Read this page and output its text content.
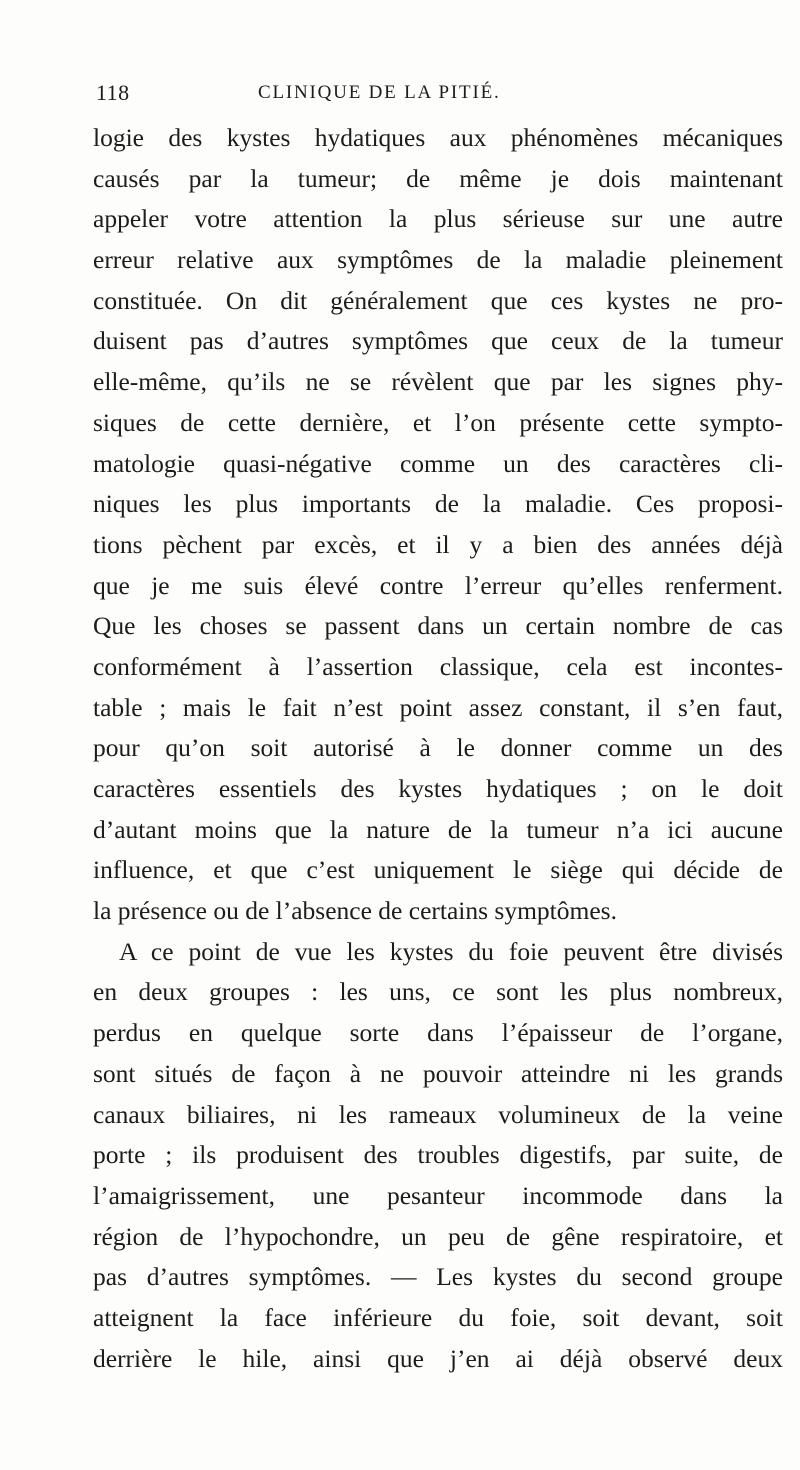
118	CLINIQUE DE LA PITIÉ.
logie des kystes hydatiques aux phénomènes mécaniques
causés par la tumeur; de même je dois maintenant
appeler votre attention la plus sérieuse sur une autre
erreur relative aux symptômes de la maladie pleinement
constituée. On dit généralement que ces kystes ne pro-
duisent pas d’autres symptômes que ceux de la tumeur
elle-même, qu’ils ne se révèlent que par les signes phy-
siques de cette dernière, et l’on présente cette sympto-
matologie quasi-négative comme un des caractères cli-
niques les plus importants de la maladie. Ces proposi-
tions pèchent par excès, et il y a bien des années déjà
que je me suis élevé contre l’erreur qu’elles renferment.
Que les choses se passent dans un certain nombre de cas
conformément à l’assertion classique, cela est incontes-
table ; mais le fait n’est point assez constant, il s’en faut,
pour qu’on soit autorisé à le donner comme un des
caractères essentiels des kystes hydatiques ; on le doit
d’autant moins que la nature de la tumeur n’a ici aucune
influence, et que c’est uniquement le siège qui décide de
la présence ou de l’absence de certains symptômes.
A ce point de vue les kystes du foie peuvent être divisés
en deux groupes : les uns, ce sont les plus nombreux,
perdus en quelque sorte dans l’épaisseur de l’organe,
sont situés de façon à ne pouvoir atteindre ni les grands
canaux biliaires, ni les rameaux volumineux de la veine
porte ; ils produisent des troubles digestifs, par suite, de
l’amaigrissement, une pesanteur incommode dans la
région de l’hypochondre, un peu de gêne respiratoire, et
pas d’autres symptômes. — Les kystes du second groupe
atteignent la face inférieure du foie, soit devant, soit
derrière le hile, ainsi que j’en ai déjà observé deux
